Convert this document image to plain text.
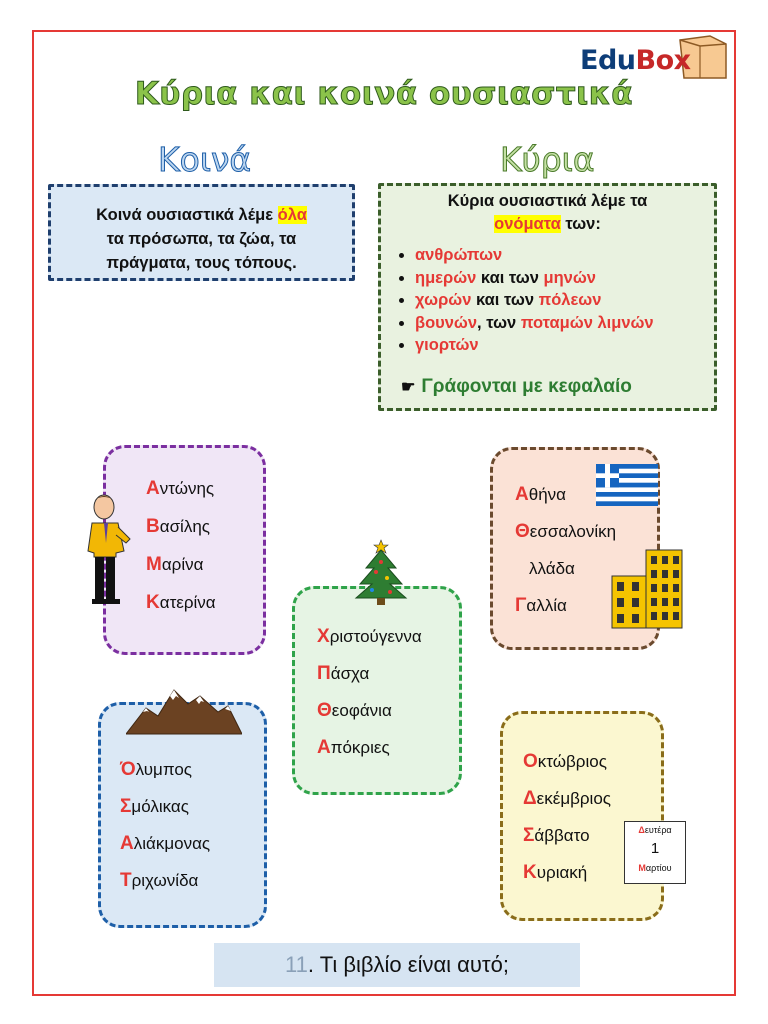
EduBox
Κύρια και κοινά ουσιαστικά
Κοινά	Κύρια
Κοινά ουσιαστικά λέμε όλα
τα πρόσωπα, τα ζώα, τα
πράγματα, τους τόπους.
Κύρια ουσιαστικά λέμε τα
ονόματα των:
• ανθρώπων
• ημερών και των μηνών
• χωρών και των πόλεων
• βουνών, των ποταμών λιμνών
• γιορτών
☛ Γράφονται με κεφαλαίο
Αντώνης
Βασίλης
Μαρίνα
Κατερίνα
Αθήνα
Θεσσαλονίκη
λλάδα
Γαλλία
Χριστούγεννα
Πάσχα
Θεοφάνια
Απόκριες
Όλυμπος
Σμόλικας
Αλιάκμονας
Τριχωνίδα
Οκτώβριος
Δεκέμβριος
Σάββατο
Κυριακή
Δευτέρα
1
Μαρτίου
11. Τι βιβλίο είναι αυτό;
